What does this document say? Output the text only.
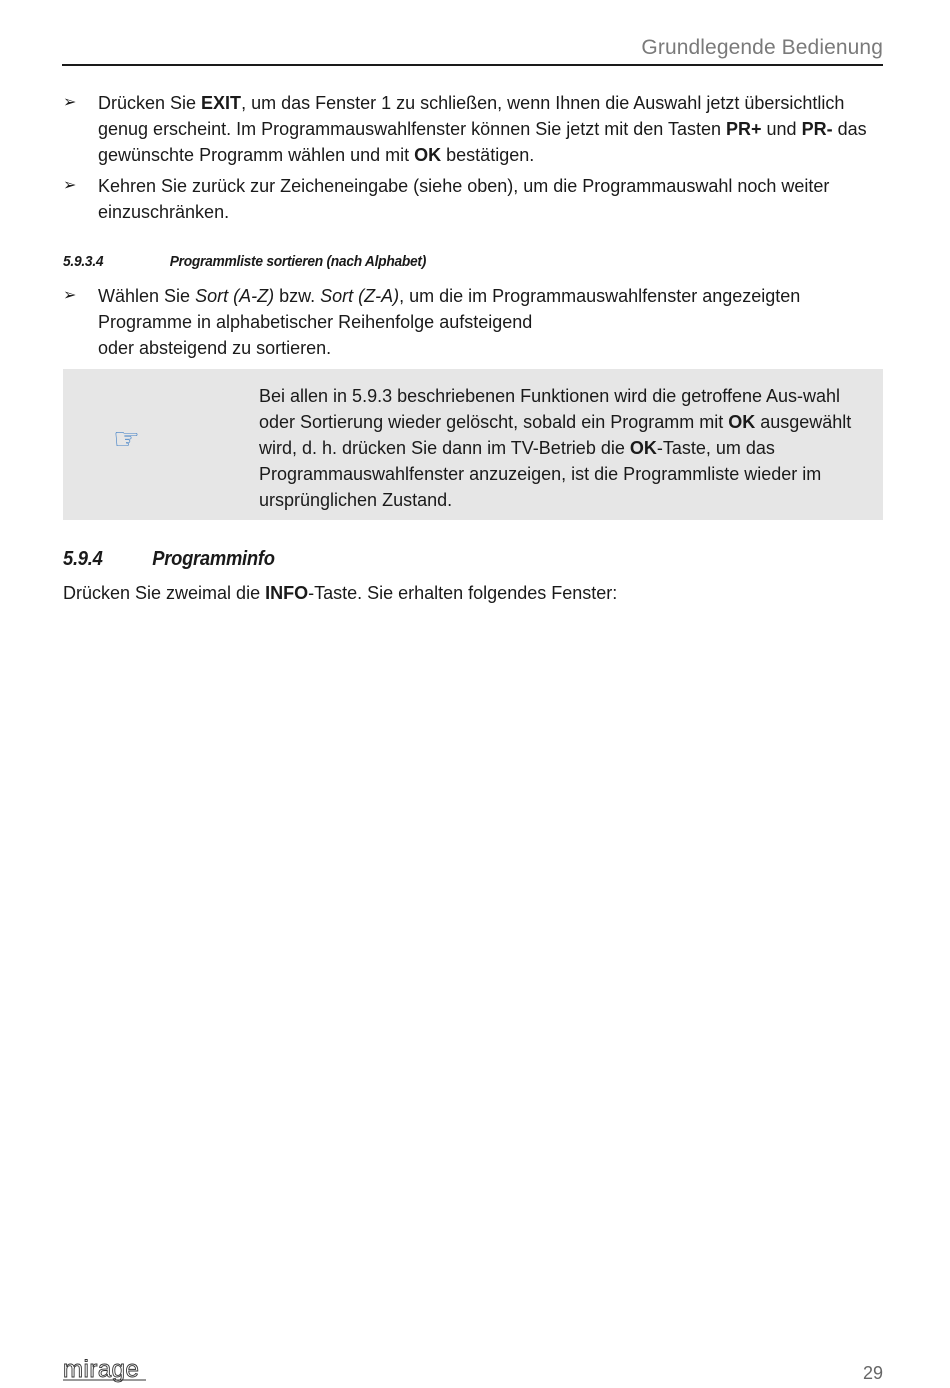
Grundlegende Bedienung
➢ Drücken Sie EXIT, um das Fenster 1 zu schließen, wenn Ihnen die Auswahl jetzt übersichtlich genug erscheint. Im Programmauswahlfenster können Sie jetzt mit den Tasten PR+ und PR- das gewünschte Programm wählen und mit OK bestätigen.

➢ Kehren Sie zurück zur Zeicheneingabe (siehe oben), um die Programmauswahl noch weiter einzuschränken.

5.9.3.4	Programmliste sortieren (nach Alphabet)
➢ Wählen Sie Sort (A-Z) bzw. Sort (Z-A), um die im Programmauswahlfenster angezeigten Programme in alphabetischer Reihenfolge aufsteigend
oder absteigend zu sortieren.

☞

Bei allen in 5.9.3 beschriebenen Funktionen wird die getroffene Aus-wahl oder Sortierung wieder gelöscht, sobald ein Programm mit OK ausgewählt wird, d. h. drücken Sie dann im TV-Betrieb die OK-Taste, um das Programmauswahlfenster anzuzeigen, ist die Programmliste wieder im ursprünglichen Zustand.

5.9.4 Programminfo
Drücken Sie zweimal die INFO-Taste. Sie erhalten folgendes Fenster:
mirage	29
